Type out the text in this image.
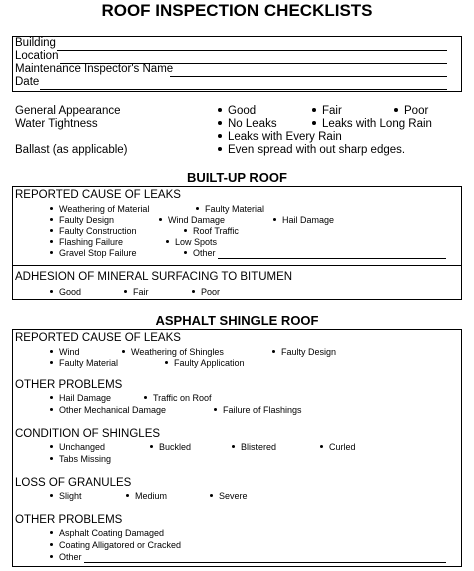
ROOF INSPECTION CHECKLISTS
Building
Location
Maintenance Inspector's Name
Date
General Appearance	Good	Fair	Poor
Water Tightness	No Leaks	Leaks with Long Rain
Leaks with Every Rain
Ballast (as applicable)	Even spread with out sharp edges.
BUILT-UP ROOF
REPORTED CAUSE OF LEAKS
Weathering of Material	Faulty Material
Faulty Design	Wind Damage	Hail Damage
Faulty Construction	Roof Traffic
Flashing Failure	Low Spots
Gravel Stop Failure	Other
ADHESION OF MINERAL SURFACING TO BITUMEN
Good	Fair	Poor
ASPHALT SHINGLE ROOF
REPORTED CAUSE OF LEAKS
Wind	Weathering of Shingles	Faulty Design
Faulty Material	Faulty Application
OTHER PROBLEMS
Hail Damage	Traffic on Roof
Other Mechanical Damage	Failure of Flashings
CONDITION OF SHINGLES
Unchanged	Buckled	Blistered	Curled
Tabs Missing
LOSS OF GRANULES
Slight	Medium	Severe
OTHER PROBLEMS
Asphalt Coating Damaged
Coating Alligatored or Cracked
Other
